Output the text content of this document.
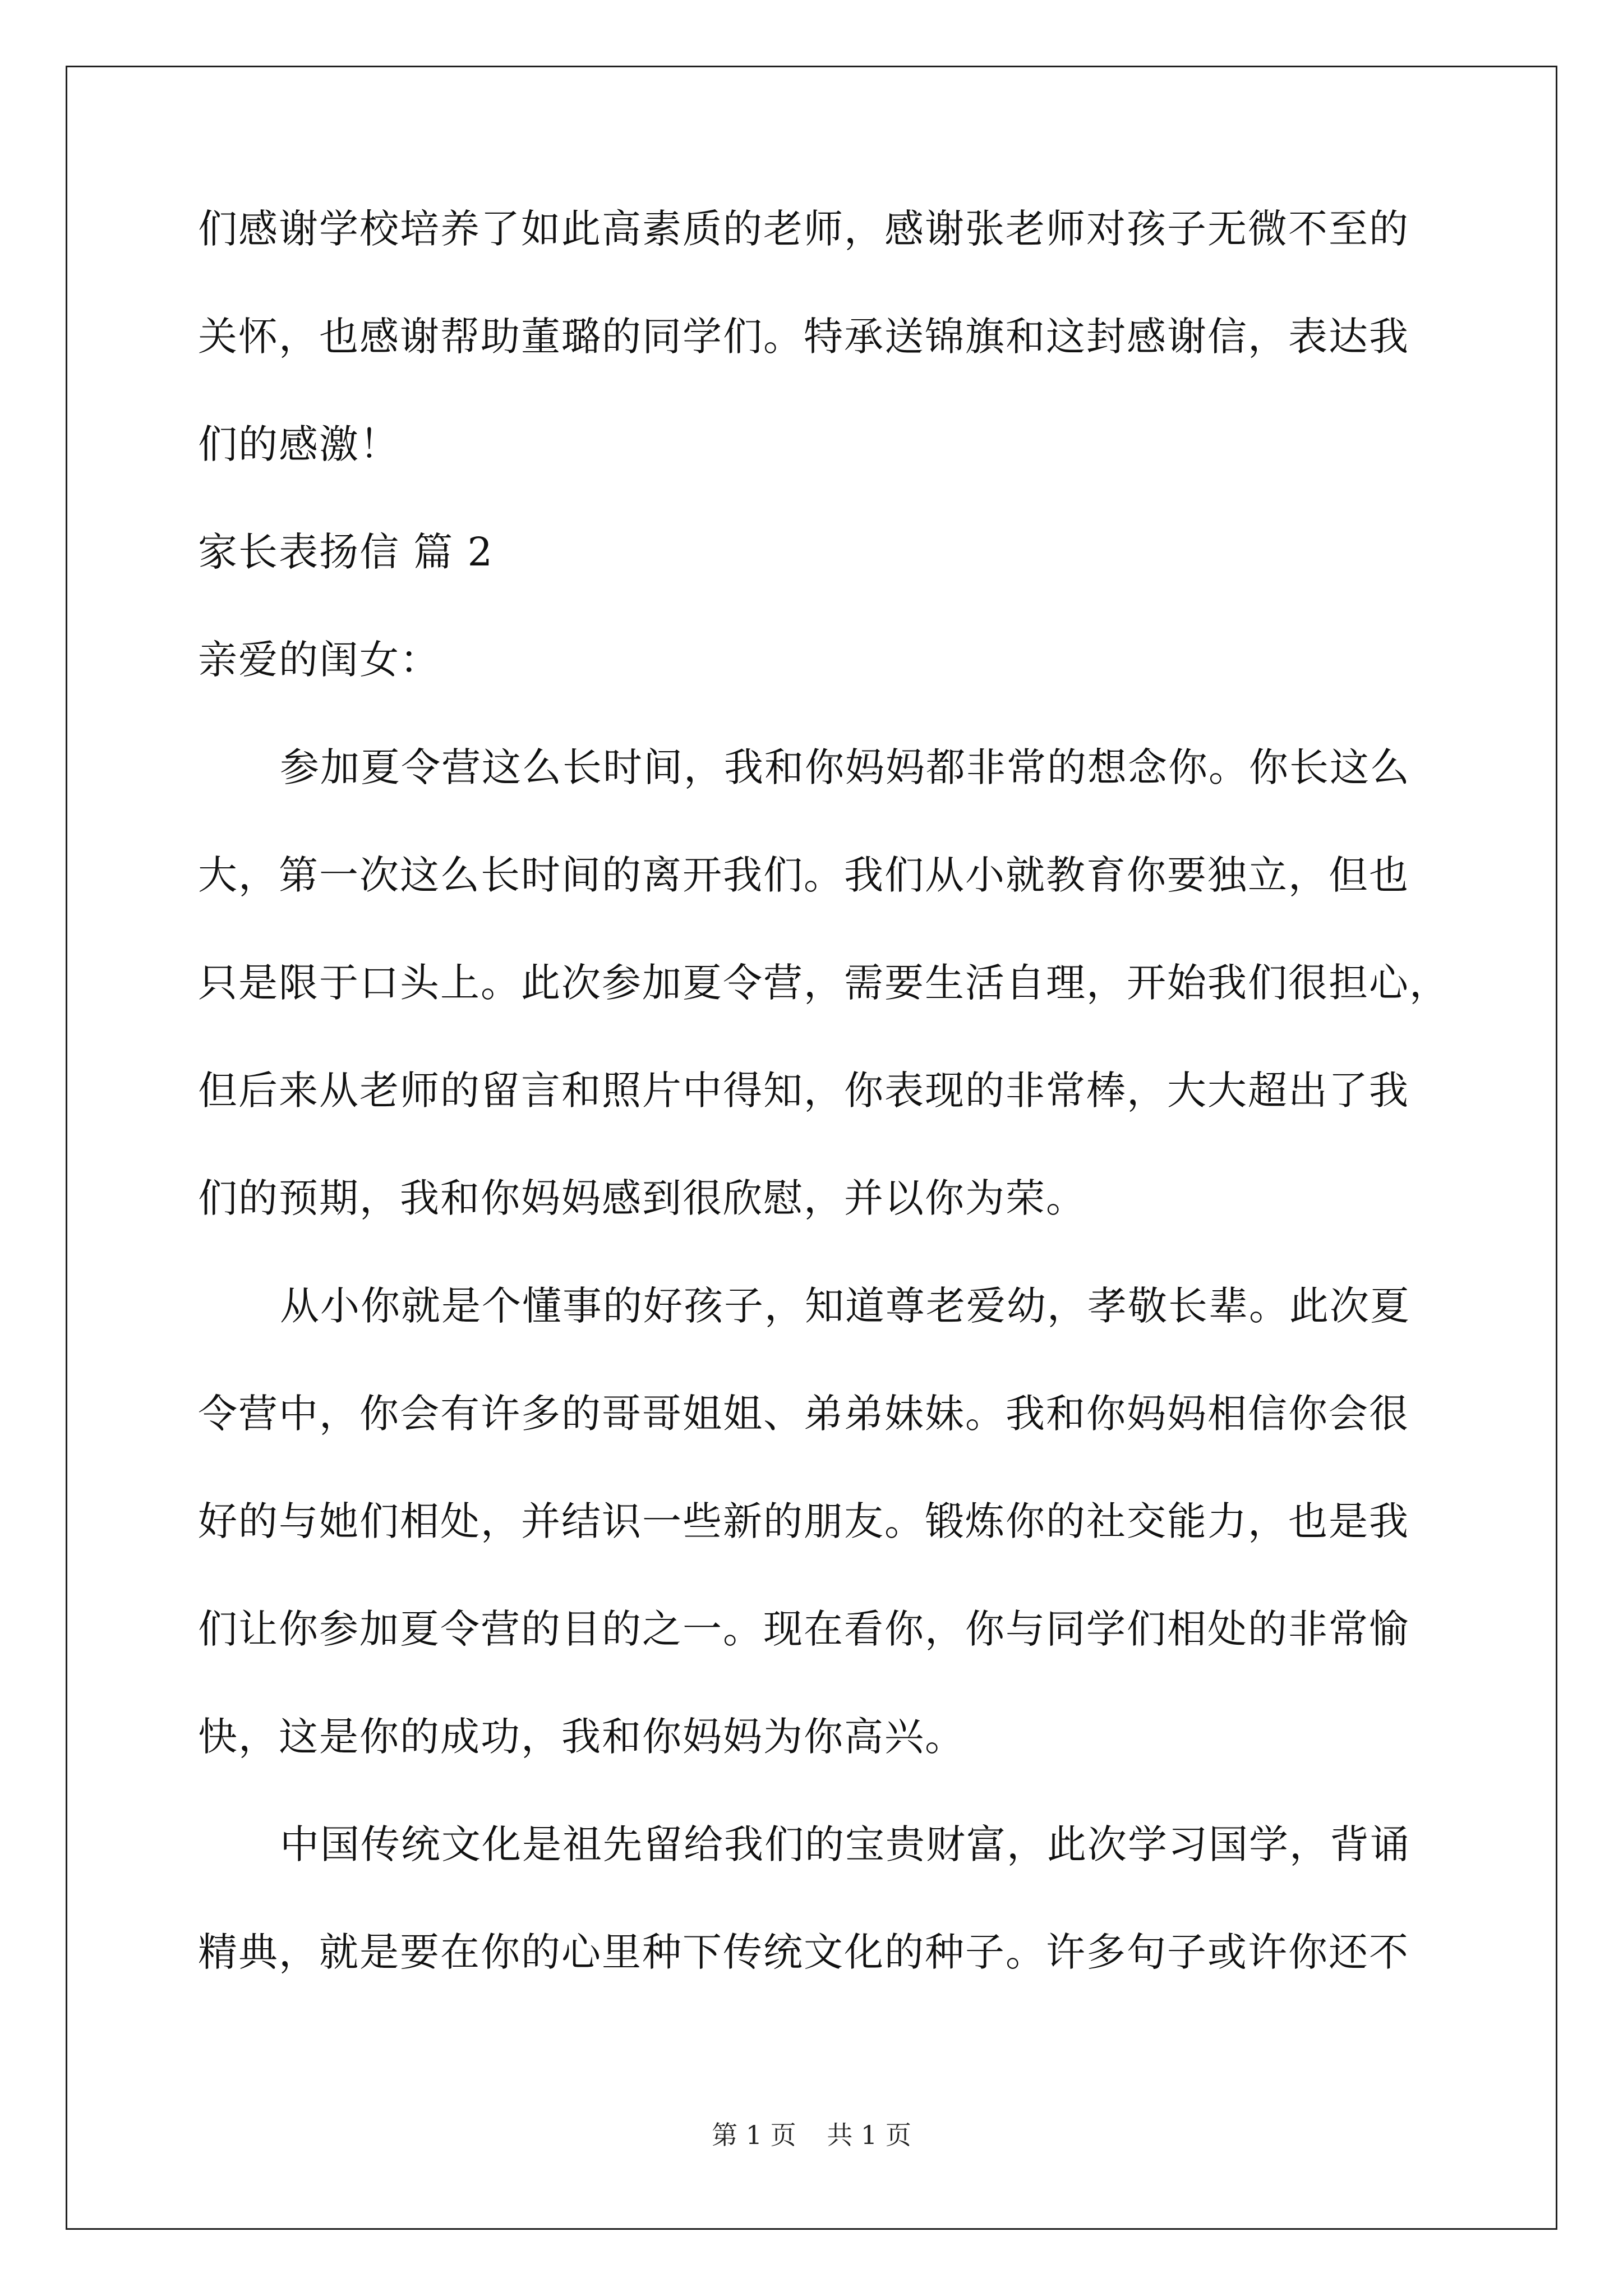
们感谢学校培养了如此高素质的老师，感谢张老师对孩子无微不至的
关怀，也感谢帮助董璐的同学们。特承送锦旗和这封感谢信，表达我
们的感激！
家长表扬信 篇 2
亲爱的闺女：
参加夏令营这么长时间，我和你妈妈都非常的想念你。你长这么
大，第一次这么长时间的离开我们。我们从小就教育你要独立，但也
只是限于口头上。此次参加夏令营，需要生活自理，开始我们很担心，
但后来从老师的留言和照片中得知，你表现的非常棒，大大超出了我
们的预期，我和你妈妈感到很欣慰，并以你为荣。
从小你就是个懂事的好孩子，知道尊老爱幼，孝敬长辈。此次夏
令营中，你会有许多的哥哥姐姐、弟弟妹妹。我和你妈妈相信你会很
好的与她们相处，并结识一些新的朋友。锻炼你的社交能力，也是我
们让你参加夏令营的目的之一。现在看你，你与同学们相处的非常愉
快，这是你的成功，我和你妈妈为你高兴。
中国传统文化是祖先留给我们的宝贵财富，此次学习国学，背诵
精典，就是要在你的心里种下传统文化的种子。许多句子或许你还不
第 1 页 共 1 页
